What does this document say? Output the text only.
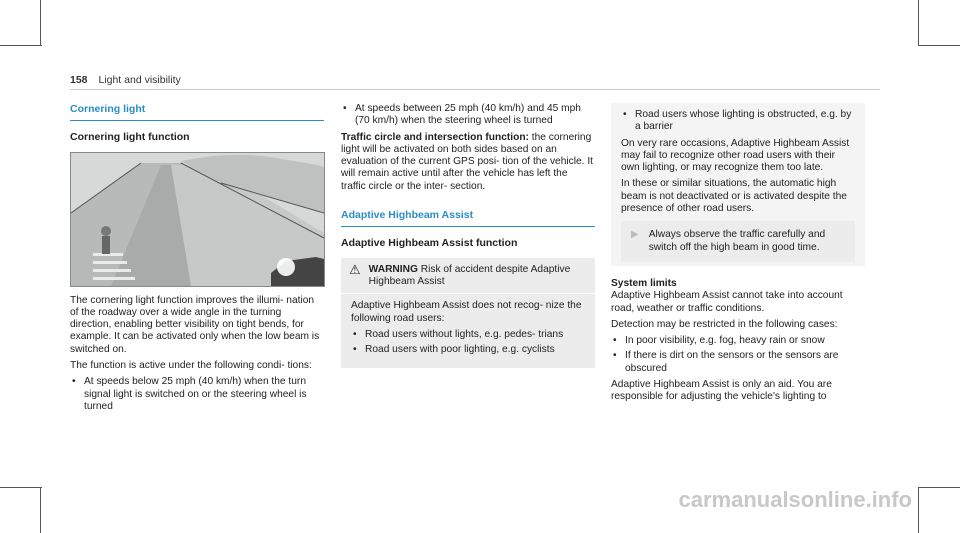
158 Light and visibility
Cornering light
Cornering light function

The cornering light function improves the illumi- nation of the roadway over a wide angle in the turning direction, enabling better visibility on tight bends, for example. It can be activated only when the low beam is switched on.

The function is active under the following condi- tions:

• At speeds below 25 mph (40 km/h) when the turn signal light is switched on or the steering wheel is turned
• At speeds between 25 mph (40 km/h) and 45 mph (70 km/h) when the steering wheel is turned

Traffic circle and intersection function: the cornering light will be activated on both sides based on an evaluation of the current GPS posi- tion of the vehicle. It will remain active until after the vehicle has left the traffic circle or the inter- section.

Adaptive Highbeam Assist
Adaptive Highbeam Assist function
⚠ WARNING Risk of accident despite Adaptive Highbeam Assist

Adaptive Highbeam Assist does not recog- nize the following road users:

• Road users without lights, e.g. pedes- trians
• Road users with poor lighting, e.g. cyclists
• Road users whose lighting is obstructed, e.g. by a barrier

On very rare occasions, Adaptive Highbeam Assist may fail to recognize other road users with their own lighting, or may recognize them too late.

In these or similar situations, the automatic high beam is not deactivated or is activated despite the presence of other road users.

▶ Always observe the traffic carefully and switch off the high beam in good time.
System limits

Adaptive Highbeam Assist cannot take into account road, weather or traffic conditions.

Detection may be restricted in the following cases:

• In poor visibility, e.g. fog, heavy rain or snow
• If there is dirt on the sensors or the sensors are obscured

Adaptive Highbeam Assist is only an aid. You are responsible for adjusting the vehicle's lighting to

carmanualsonline.info
